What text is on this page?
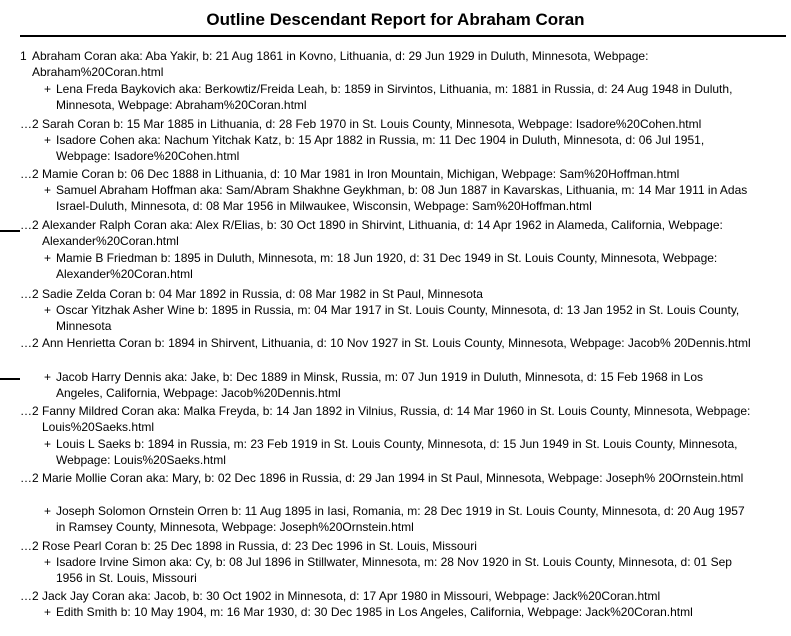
Outline Descendant Report for Abraham Coran
1 Abraham Coran aka: Aba Yakir, b: 21 Aug 1861 in Kovno, Lithuania, d: 29 Jun 1929 in Duluth, Minnesota, Webpage: Abraham%20Coran.html
+ Lena Freda Baykovich aka: Berkowtiz/Freida Leah, b: 1859 in Sirvintos, Lithuania, m: 1881 in Russia, d: 24 Aug 1948 in Duluth, Minnesota, Webpage: Abraham%20Coran.html
…2 Sarah Coran b: 15 Mar 1885 in Lithuania, d: 28 Feb 1970 in St. Louis County, Minnesota, Webpage: Isadore%20Cohen.html
+ Isadore Cohen aka: Nachum Yitchak Katz, b: 15 Apr 1882 in Russia, m: 11 Dec 1904 in Duluth, Minnesota, d: 06 Jul 1951, Webpage: Isadore%20Cohen.html
…2 Mamie Coran b: 06 Dec 1888 in Lithuania, d: 10 Mar 1981 in Iron Mountain, Michigan, Webpage: Sam%20Hoffman.html
+ Samuel Abraham Hoffman aka: Sam/Abram Shakhne Geykhman, b: 08 Jun 1887 in Kavarskas, Lithuania, m: 14 Mar 1911 in Adas Israel-Duluth, Minnesota, d: 08 Mar 1956 in Milwaukee, Wisconsin, Webpage: Sam%20Hoffman.html
…2 Alexander Ralph Coran aka: Alex R/Elias, b: 30 Oct 1890 in Shirvint, Lithuania, d: 14 Apr 1962 in Alameda, California, Webpage: Alexander%20Coran.html
+ Mamie B Friedman b: 1895 in Duluth, Minnesota, m: 18 Jun 1920, d: 31 Dec 1949 in St. Louis County, Minnesota, Webpage: Alexander%20Coran.html
…2 Sadie Zelda Coran b: 04 Mar 1892 in Russia, d: 08 Mar 1982 in St Paul, Minnesota
+ Oscar Yitzhak Asher Wine b: 1895 in Russia, m: 04 Mar 1917 in St. Louis County, Minnesota, d: 13 Jan 1952 in St. Louis County, Minnesota
…2 Ann Henrietta Coran b: 1894 in Shirvent, Lithuania, d: 10 Nov 1927 in St. Louis County, Minnesota, Webpage: Jacob% 20Dennis.html
+ Jacob Harry Dennis aka: Jake, b: Dec 1889 in Minsk, Russia, m: 07 Jun 1919 in Duluth, Minnesota, d: 15 Feb 1968 in Los Angeles, California, Webpage: Jacob%20Dennis.html
…2 Fanny Mildred Coran aka: Malka Freyda, b: 14 Jan 1892 in Vilnius, Russia, d: 14 Mar 1960 in St. Louis County, Minnesota, Webpage: Louis%20Saeks.html
+ Louis L Saeks b: 1894 in Russia, m: 23 Feb 1919 in St. Louis County, Minnesota, d: 15 Jun 1949 in St. Louis County, Minnesota, Webpage: Louis%20Saeks.html
…2 Marie Mollie Coran aka: Mary, b: 02 Dec 1896 in Russia, d: 29 Jan 1994 in St Paul, Minnesota, Webpage: Joseph% 20Ornstein.html
+ Joseph Solomon Ornstein Orren b: 11 Aug 1895 in Iasi, Romania, m: 28 Dec 1919 in St. Louis County, Minnesota, d: 20 Aug 1957 in Ramsey County, Minnesota, Webpage: Joseph%20Ornstein.html
…2 Rose Pearl Coran b: 25 Dec 1898 in Russia, d: 23 Dec 1996 in St. Louis, Missouri
+ Isadore Irvine Simon aka: Cy, b: 08 Jul 1896 in Stillwater, Minnesota, m: 28 Nov 1920 in St. Louis County, Minnesota, d: 01 Sep 1956 in St. Louis, Missouri
…2 Jack Jay Coran aka: Jacob, b: 30 Oct 1902 in Minnesota, d: 17 Apr 1980 in Missouri, Webpage: Jack%20Coran.html
+ Edith Smith b: 10 May 1904, m: 16 Mar 1930, d: 30 Dec 1985 in Los Angeles, California, Webpage: Jack%20Coran.html
